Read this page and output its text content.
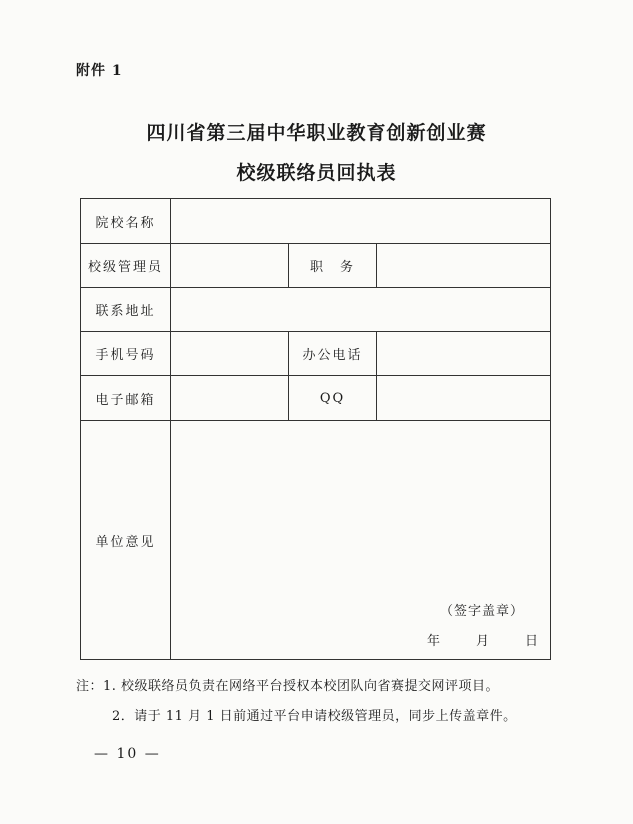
附件 1
四川省第三届中华职业教育创新创业赛
校级联络员回执表
院校名称			
校级管理员		职　务	
联系地址			
手机号码		办公电话	
电子邮箱		QQ	
单位意见	（签字盖章）
年 月 日		
注：1. 校级联络员负责在网络平台授权本校团队向省赛提交网评项目。
2．请于 11 月 1 日前通过平台申请校级管理员，同步上传盖章件。
— 10 —
